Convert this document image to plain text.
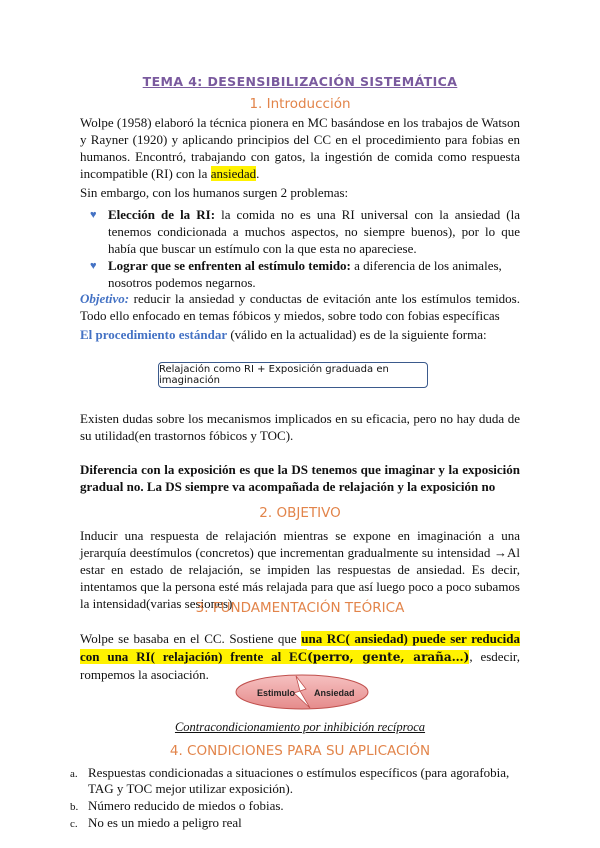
TEMA 4: DESENSIBILIZACIÓN SISTEMÁTICA
1. Introducción
Wolpe (1958) elaboró la técnica pionera en MC basándose en los trabajos de Watson y Rayner (1920) y aplicando principios del CC en el procedimiento para fobias en humanos. Encontró, trabajando con gatos, la ingestión de comida como respuesta incompatible (RI) con la ansiedad.
Sin embargo, con los humanos surgen 2 problemas:
♥ Elección de la RI: la comida no es una RI universal con la ansiedad (la tenemos condicionada a muchos aspectos, no siempre buenos), por lo que había que buscar un estímulo con la que esta no apareciese.
♥ Lograr que se enfrenten al estímulo temido: a diferencia de los animales, nosotros podemos negarnos.
Objetivo: reducir la ansiedad y conductas de evitación ante los estímulos temidos. Todo ello enfocado en temas fóbicos y miedos, sobre todo con fobias específicas
El procedimiento estándar (válido en la actualidad) es de la siguiente forma:
Relajación como RI + Exposición graduada en imaginación
Existen dudas sobre los mecanismos implicados en su eficacia, pero no hay duda de su utilidad(en trastornos fóbicos y TOC).
Diferencia con la exposición es que la DS tenemos que imaginar y la exposición gradual no. La DS siempre va acompañada de relajación y la exposición no
2. OBJETIVO
Inducir una respuesta de relajación mientras se expone en imaginación a una jerarquía deestímulos (concretos) que incrementan gradualmente su intensidad →Al estar en estado de relajación, se impiden las respuestas de ansiedad. Es decir, intentamos que la persona esté más relajada para que así luego poco a poco subamos la intensidad(varias sesiones)
3. FUNDAMENTACIÓN TEÓRICA
Wolpe se basaba en el CC. Sostiene que una RC( ansiedad) puede ser reducida con una RI( relajación) frente al EC(perro, gente, araña…), esdecir, rompemos la asociación.
Estimulo Ansiedad
Contracondicionamiento por inhibición recíproca
4. CONDICIONES PARA SU APLICACIÓN
a. Respuestas condicionadas a situaciones o estímulos específicos (para agorafobia, TAG y TOC mejor utilizar exposición).
b. Número reducido de miedos o fobias.
c. No es un miedo a peligro real
